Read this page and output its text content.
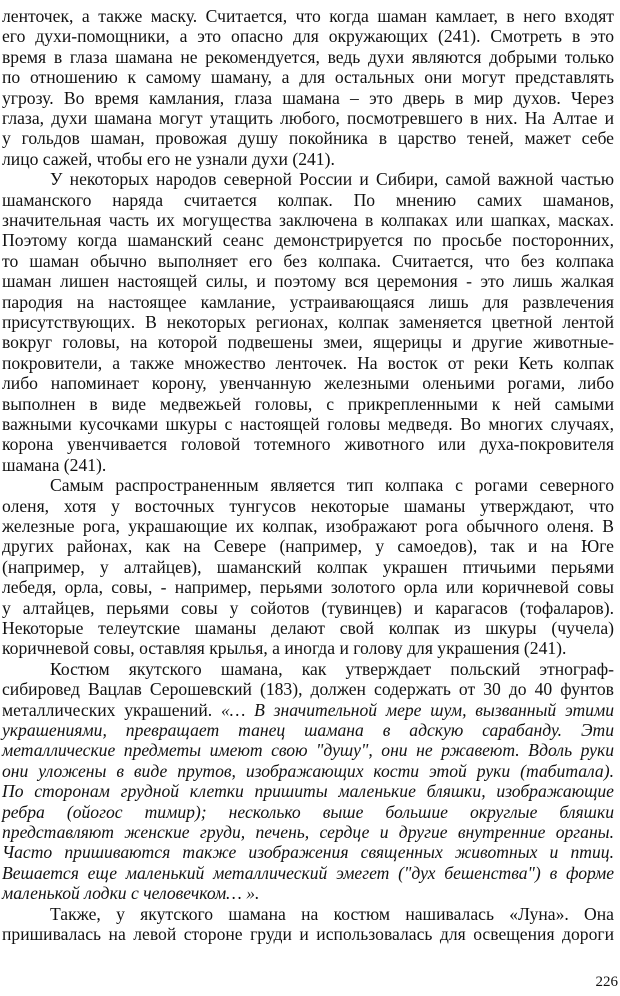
ленточек, а также маску. Считается, что когда шаман камлает, в него входят
его духи-помощники, а это опасно для окружающих (241). Смотреть в это
время в глаза шамана не рекомендуется, ведь духи являются добрыми только
по отношению к самому шаману, а для остальных они могут представлять
угрозу. Во время камлания, глаза шамана – это дверь в мир духов. Через
глаза, духи шамана могут утащить любого, посмотревшего в них. На Алтае и
у гольдов шаман, провожая душу покойника в царство теней, мажет себе
лицо сажей, чтобы его не узнали духи (241).
У некоторых народов северной России и Сибири, самой важной частью
шаманского наряда считается колпак. По мнению самих шаманов,
значительная часть их могущества заключена в колпаках или шапках, масках.
Поэтому когда шаманский сеанс демонстрируется по просьбе посторонних,
то шаман обычно выполняет его без колпака. Считается, что без колпака
шаман лишен настоящей силы, и поэтому вся церемония - это лишь жалкая
пародия на настоящее камлание, устраивающаяся лишь для развлечения
присутствующих. В некоторых регионах, колпак заменяется цветной лентой
вокруг головы, на которой подвешены змеи, ящерицы и другие животные-
покровители, а также множество ленточек. На восток от реки Кеть колпак
либо напоминает корону, увенчанную железными оленьими рогами, либо
выполнен в виде медвежьей головы, с прикрепленными к ней самыми
важными кусочками шкуры с настоящей головы медведя. Во многих случаях,
корона увенчивается головой тотемного животного или духа-покровителя
шамана (241).
Самым распространенным является тип колпака с рогами северного
оленя, хотя у восточных тунгусов некоторые шаманы утверждают, что
железные рога, украшающие их колпак, изображают рога обычного оленя. В
других районах, как на Севере (например, у самоедов), так и на Юге
(например, у алтайцев), шаманский колпак украшен птичьими перьями
лебедя, орла, совы, - например, перьями золотого орла или коричневой совы
у алтайцев, перьями совы у сойотов (тувинцев) и карагасов (тофаларов).
Некоторые телеутские шаманы делают свой колпак из шкуры (чучела)
коричневой совы, оставляя крылья, а иногда и голову для украшения (241).
Костюм якутского шамана, как утверждает польский этнограф-
сибировед Вацлав Серошевский (183), должен содержать от 30 до 40 фунтов
металлических украшений. «… В значительной мере шум, вызванный этими
украшениями, превращает танец шамана в адскую сарабанду. Эти
металлические предметы имеют свою "душу", они не ржавеют. Вдоль руки
они уложены в виде прутов, изображающих кости этой руки (табитала).
По сторонам грудной клетки пришиты маленькие бляшки, изображающие
ребра (ойогос тимир); несколько выше большие округлые бляшки
представляют женские груди, печень, сердце и другие внутренние органы.
Часто пришиваются также изображения священных животных и птиц.
Вешается еще маленький металлический эмегет ("дух бешенства") в форме
маленькой лодки с человечком… ».
Также, у якутского шамана на костюм нашивалась «Луна». Она
пришивалась на левой стороне груди и использовалась для освещения дороги
226
